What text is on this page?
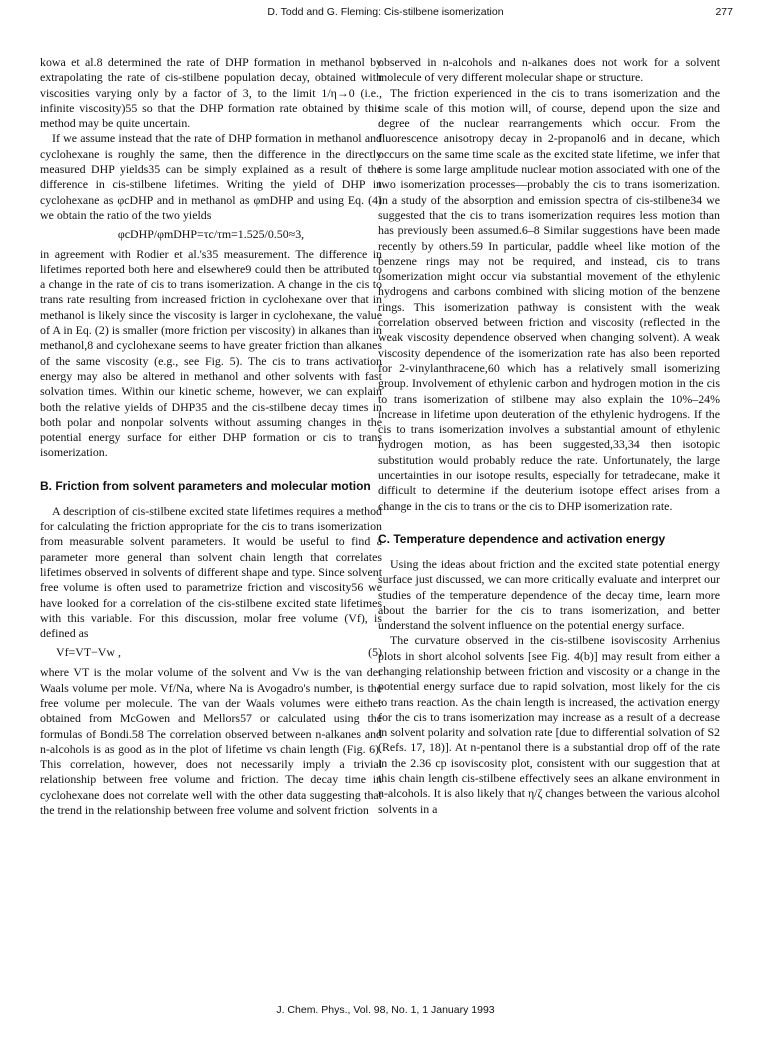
D. Todd and G. Fleming: Cis-stilbene isomerization	277

kowa et al.8 determined the rate of DHP formation in methanol by extrapolating the rate of cis-stilbene population decay, obtained with viscosities varying only by a factor of 3, to the limit 1/η→0 (i.e., infinite viscosity)55 so that the DHP formation rate obtained by this method may be quite uncertain.

If we assume instead that the rate of DHP formation in methanol and cyclohexane is roughly the same, then the difference in the directly measured DHP yields35 can be simply explained as a result of the difference in cis-stilbene lifetimes. Writing the yield of DHP in cyclohexane as φcDHP and in methanol as φmDHP and using Eq. (4) we obtain the ratio of the two yields

φcDHP/φmDHP=τc/τm=1.525/0.50≈3,

in agreement with Rodier et al.'s35 measurement. The difference in lifetimes reported both here and elsewhere9 could then be attributed to a change in the rate of cis to trans isomerization. A change in the cis to trans rate resulting from increased friction in cyclohexane over that in methanol is likely since the viscosity is larger in cyclohexane, the value of A in Eq. (2) is smaller (more friction per viscosity) in alkanes than in methanol,8 and cyclohexane seems to have greater friction than alkanes of the same viscosity (e.g., see Fig. 5). The cis to trans activation energy may also be altered in methanol and other solvents with fast solvation times. Within our kinetic scheme, however, we can explain both the relative yields of DHP35 and the cis-stilbene decay times in both polar and nonpolar solvents without assuming changes in the potential energy surface for either DHP formation or cis to trans isomerization.

B. Friction from solvent parameters and molecular motion

A description of cis-stilbene excited state lifetimes requires a method for calculating the friction appropriate for the cis to trans isomerization from measurable solvent parameters. It would be useful to find a parameter more general than solvent chain length that correlates lifetimes observed in solvents of different shape and type. Since solvent free volume is often used to parametrize friction and viscosity56 we have looked for a correlation of the cis-stilbene excited state lifetimes with this variable. For this discussion, molar free volume (Vf), is defined as

Vf=VT−Vw ,	(5)

where VT is the molar volume of the solvent and Vw is the van der Waals volume per mole. Vf/Na, where Na is Avogadro's number, is the free volume per molecule. The van der Waals volumes were either obtained from McGowen and Mellors57 or calculated using the formulas of Bondi.58 The correlation observed between n-alkanes and n-alcohols is as good as in the plot of lifetime vs chain length (Fig. 6). This correlation, however, does not necessarily imply a trivial relationship between free volume and friction. The decay time in cyclohexane does not correlate well with the other data suggesting that the trend in the relationship between free volume and solvent friction

observed in n-alcohols and n-alkanes does not work for a solvent molecule of very different molecular shape or structure.

The friction experienced in the cis to trans isomerization and the time scale of this motion will, of course, depend upon the size and degree of the nuclear rearrangements which occur. From the fluorescence anisotropy decay in 2-propanol6 and in decane, which occurs on the same time scale as the excited state lifetime, we infer that there is some large amplitude nuclear motion associated with one of the two isomerization processes—probably the cis to trans isomerization. In a study of the absorption and emission spectra of cis-stilbene34 we suggested that the cis to trans isomerization requires less motion than has previously been assumed.6–8 Similar suggestions have been made recently by others.59 In particular, paddle wheel like motion of the benzene rings may not be required, and instead, cis to trans isomerization might occur via substantial movement of the ethylenic hydrogens and carbons combined with slicing motion of the benzene rings. This isomerization pathway is consistent with the weak correlation observed between friction and viscosity (reflected in the weak viscosity dependence observed when changing solvent). A weak viscosity dependence of the isomerization rate has also been reported for 2-vinylanthracene,60 which has a relatively small isomerizing group. Involvement of ethylenic carbon and hydrogen motion in the cis to trans isomerization of stilbene may also explain the 10%–24% increase in lifetime upon deuteration of the ethylenic hydrogens. If the cis to trans isomerization involves a substantial amount of ethylenic hydrogen motion, as has been suggested,33,34 then isotopic substitution would probably reduce the rate. Unfortunately, the large uncertainties in our isotope results, especially for tetradecane, make it difficult to determine if the deuterium isotope effect arises from a change in the cis to trans or the cis to DHP isomerization rate.

C. Temperature dependence and activation energy

Using the ideas about friction and the excited state potential energy surface just discussed, we can more critically evaluate and interpret our studies of the temperature dependence of the decay time, learn more about the barrier for the cis to trans isomerization, and better understand the solvent influence on the potential energy surface.

The curvature observed in the cis-stilbene isoviscosity Arrhenius plots in short alcohol solvents [see Fig. 4(b)] may result from either a changing relationship between friction and viscosity or a change in the potential energy surface due to rapid solvation, most likely for the cis to trans reaction. As the chain length is increased, the activation energy for the cis to trans isomerization may increase as a result of a decrease in solvent polarity and solvation rate [due to differential solvation of S2 (Refs. 17, 18)]. At n-pentanol there is a substantial drop off of the rate in the 2.36 cp isoviscosity plot, consistent with our suggestion that at this chain length cis-stilbene effectively sees an alkane environment in n-alcohols. It is also likely that η/ζ changes between the various alcohol solvents in a

J. Chem. Phys., Vol. 98, No. 1, 1 January 1993
